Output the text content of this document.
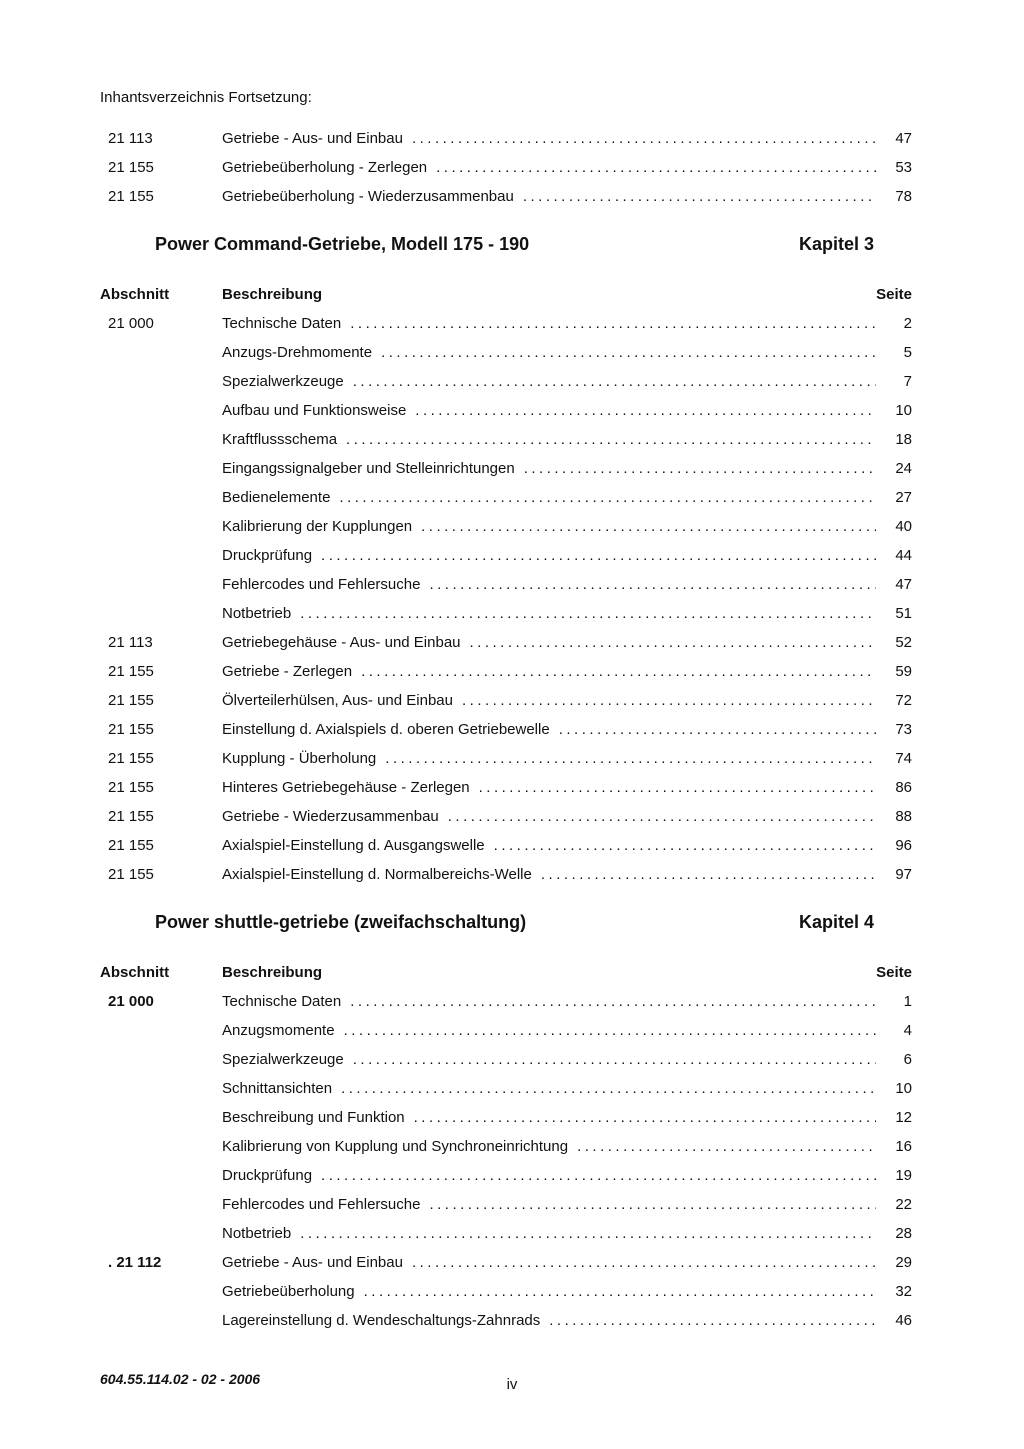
Inhantsverzeichnis Fortsetzung:
21 113	Getriebe - Aus- und Einbau .....	47
21 155	Getriebeüberholung - Zerlegen .....	53
21 155	Getriebeüberholung - Wiederzusammenbau .....	78
Power Command-Getriebe, Modell 175 - 190	Kapitel 3
Abschnitt	Beschreibung	Seite
21 000	Technische Daten .....	2
Anzugs-Drehmomente .....	5
Spezialwerkzeuge .....	7
Aufbau und Funktionsweise .....	10
Kraftflussschema .....	18
Eingangssignalgeber und Stelleinrichtungen .....	24
Bedienelemente .....	27
Kalibrierung der Kupplungen .....	40
Druckprüfung .....	44
Fehlercodes und Fehlersuche .....	47
Notbetrieb .....	51
21 113	Getriebegehäuse - Aus- und Einbau .....	52
21 155	Getriebe - Zerlegen .....	59
21 155	Ölverteilerhülsen, Aus- und Einbau .....	72
21 155	Einstellung d. Axialspiels d. oberen Getriebewelle .....	73
21 155	Kupplung - Überholung .....	74
21 155	Hinteres Getriebegehäuse - Zerlegen .....	86
21 155	Getriebe - Wiederzusammenbau .....	88
21 155	Axialspiel-Einstellung d. Ausgangswelle .....	96
21 155	Axialspiel-Einstellung d. Normalbereichs-Welle .....	97
Power shuttle-getriebe (zweifachschaltung)	Kapitel 4
Abschnitt	Beschreibung	Seite
21 000	Technische Daten .....	1
Anzugsmomente .....	4
Spezialwerkzeuge .....	6
Schnittansichten .....	10
Beschreibung und Funktion .....	12
Kalibrierung von Kupplung und Synchroneinrichtung .....	16
Druckprüfung .....	19
Fehlercodes und Fehlersuche .....	22
Notbetrieb .....	28
. 21 112	Getriebe - Aus- und Einbau .....	29
Getriebeüberholung .....	32
Lagereinstellung d. Wendeschaltungs-Zahnrads .....	46
604.55.114.02 - 02 - 2006	iv
